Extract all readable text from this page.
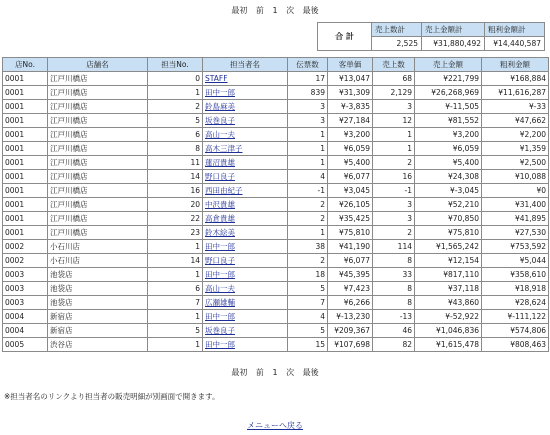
最初 前 1 次 最後
合 計	売上数計	売上金額計	粗利金額計
	2,525	¥31,880,492	¥14,440,587
店No.	店舗名	担当No.	担当者名	伝票数	客単価	売上数	売上金額	粗利金額
0001	江戸川橋店	0	STAFF	17	¥13,047	68	¥221,799	¥168,884
0001	江戸川橋店	1	田中一郎	839	¥31,309	2,129	¥26,268,969	¥11,616,287
0001	江戸川橋店	2	鈴島麻美	3	¥-3,835	3	¥-11,505	¥-33
0001	江戸川橋店	5	坂巻良子	3	¥27,184	12	¥81,552	¥47,662
0001	江戸川橋店	6	高山一夫	1	¥3,200	1	¥3,200	¥2,200
0001	江戸川橋店	8	高木三津子	1	¥6,059	1	¥6,059	¥1,359
0001	江戸川橋店	11	蓮沼貴雄	1	¥5,400	2	¥5,400	¥2,500
0001	江戸川橋店	14	野口良子	4	¥6,077	16	¥24,308	¥10,088
0001	江戸川橋店	16	西田由紀子	-1	¥3,045	-1	¥-3,045	¥0
0001	江戸川橋店	20	中沢貴雄	2	¥26,105	3	¥52,210	¥31,400
0001	江戸川橋店	22	高倉貴雄	2	¥35,425	3	¥70,850	¥41,895
0001	江戸川橋店	23	鈴木絵美	1	¥75,810	2	¥75,810	¥27,530
0002	小石川店	1	田中一郎	38	¥41,190	114	¥1,565,242	¥753,592
0002	小石川店	14	野口良子	2	¥6,077	8	¥12,154	¥5,044
0003	池袋店	1	田中一郎	18	¥45,395	33	¥817,110	¥358,610
0003	池袋店	6	高山一夫	5	¥7,423	8	¥37,118	¥18,918
0003	池袋店	7	広瀬雄輔	7	¥6,266	8	¥43,860	¥28,624
0004	新宿店	1	田中一郎	4	¥-13,230	-13	¥-52,922	¥-111,122
0004	新宿店	5	坂巻良子	5	¥209,367	46	¥1,046,836	¥574,806
0005	渋谷店	1	田中一郎	15	¥107,698	82	¥1,615,478	¥808,463
最初 前 1 次 最後
※担当者名のリンクより担当者の販売明細が別画面で開きます。
メニューへ戻る
